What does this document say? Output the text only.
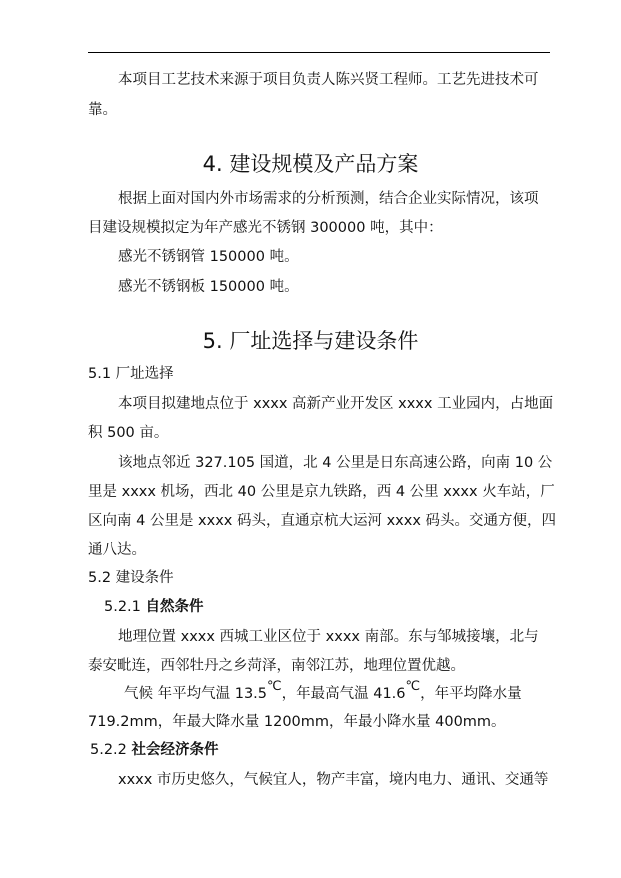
本项目工艺技术来源于项目负责人陈兴贤工程师。工艺先进技术可
靠。
4. 建设规模及产品方案
根据上面对国内外市场需求的分析预测，结合企业实际情况，该项
目建设规模拟定为年产感光不锈钢 300000 吨，其中：
感光不锈钢管 150000 吨。
感光不锈钢板 150000 吨。
5. 厂址选择与建设条件
5.1 厂址选择
本项目拟建地点位于 xxxx 高新产业开发区 xxxx 工业园内，占地面
积 500 亩。
该地点邻近 327.105 国道，北 4 公里是日东高速公路，向南 10 公
里是 xxxx 机场，西北 40 公里是京九铁路，西 4 公里 xxxx 火车站，厂
区向南 4 公里是 xxxx 码头，直通京杭大运河 xxxx 码头。交通方便，四
通八达。
5.2 建设条件
5.2.1 自然条件
地理位置 xxxx 西城工业区位于 xxxx 南部。东与邹城接壤，北与
泰安毗连，西邻牡丹之乡菏泽，南邻江苏，地理位置优越。
气候 年平均气温 13.5℃，年最高气温 41.6℃，年平均降水量
719.2mm，年最大降水量 1200mm，年最小降水量 400mm。
5.2.2 社会经济条件
xxxx 市历史悠久，气候宜人，物产丰富，境内电力、通讯、交通等
